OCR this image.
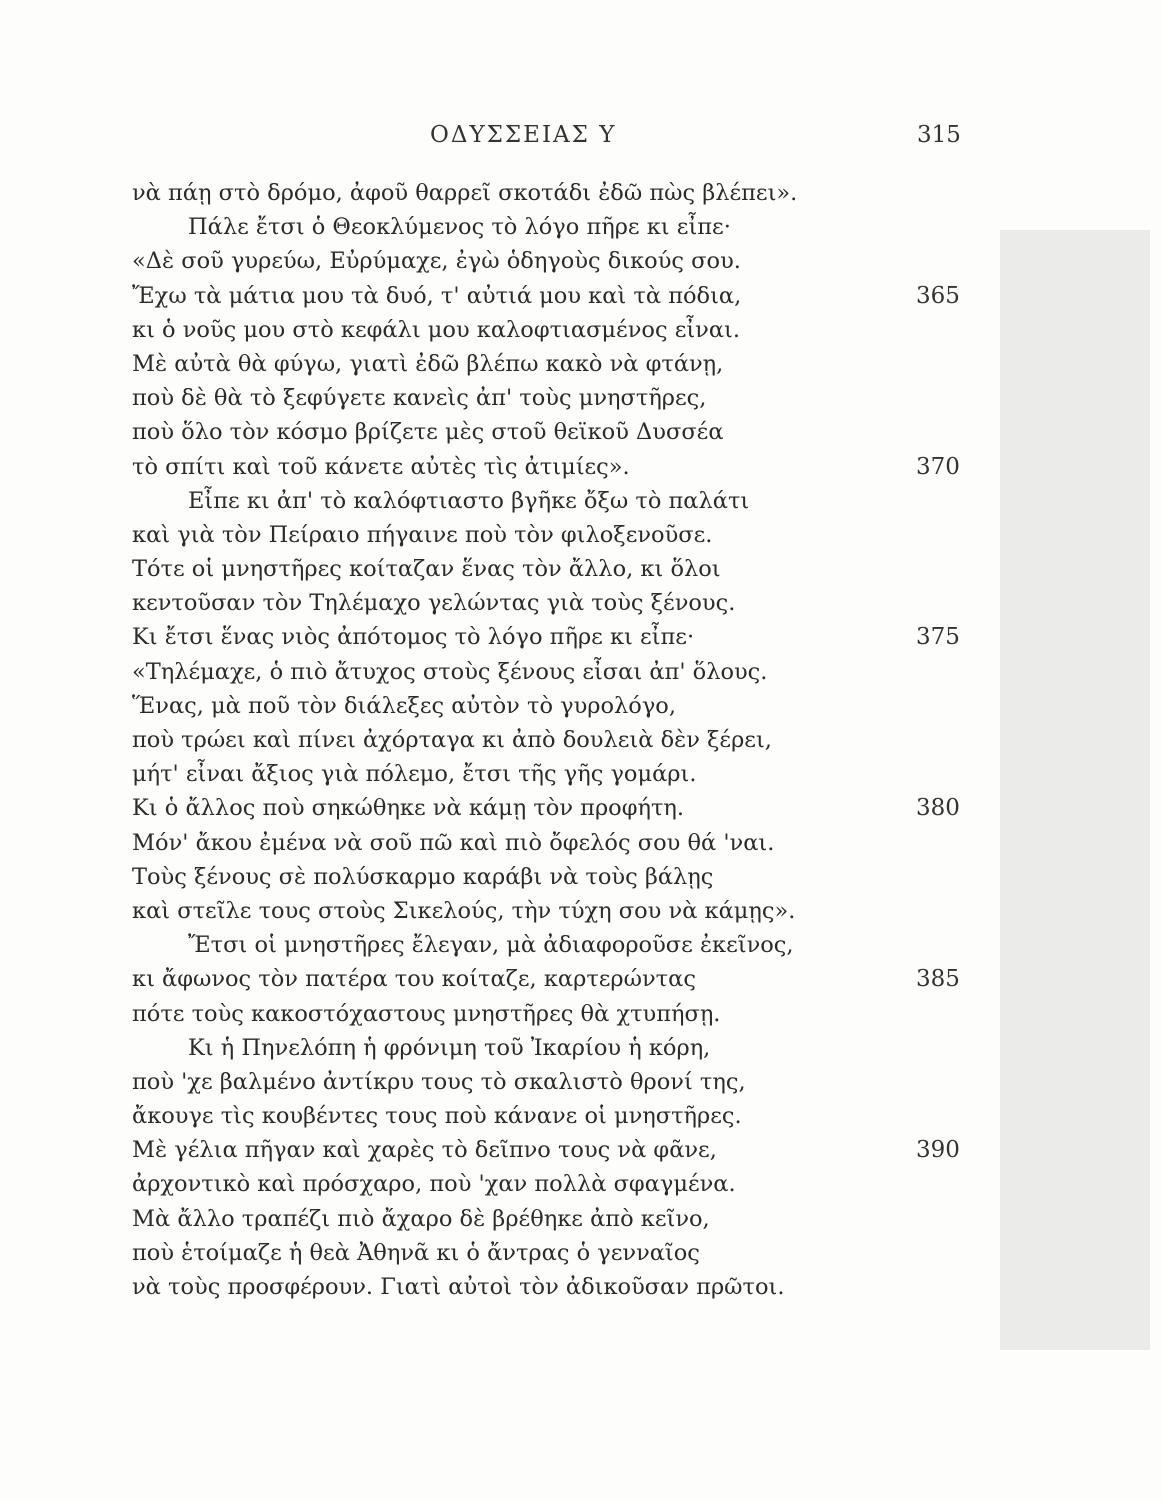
ΟΔΥΣΣΕΙΑΣ Υ	315
νὰ πάῃ στὸ δρόμο, ἀφοῦ θαρρεῖ σκοτάδι ἐδῶ πὼς βλέπει».
Πάλε ἔτσι ὁ Θεοκλύμενος τὸ λόγο πῆρε κι εἶπε·
«Δὲ σοῦ γυρεύω, Εὐρύμαχε, ἐγὼ ὁδηγοὺς δικούς σου.
Ἔχω τὰ μάτια μου τὰ δυό, τ' αὐτιά μου καὶ τὰ πόδια,	365
κι ὁ νοῦς μου στὸ κεφάλι μου καλοφτιασμένος εἶναι.
Μὲ αὐτὰ θὰ φύγω, γιατὶ ἐδῶ βλέπω κακὸ νὰ φτάνῃ,
ποὺ δὲ θὰ τὸ ξεφύγετε κανεὶς ἀπ' τοὺς μνηστῆρες,
ποὺ ὅλο τὸν κόσμο βρίζετε μὲς στοῦ θεϊκοῦ Δυσσέα
τὸ σπίτι καὶ τοῦ κάνετε αὐτὲς τὶς ἀτιμίες».	370
Εἶπε κι ἀπ' τὸ καλόφτιαστο βγῆκε ὄξω τὸ παλάτι
καὶ γιὰ τὸν Πείραιο πήγαινε ποὺ τὸν φιλοξενοῦσε.
Τότε οἱ μνηστῆρες κοίταζαν ἕνας τὸν ἄλλο, κι ὅλοι
κεντοῦσαν τὸν Τηλέμαχο γελώντας γιὰ τοὺς ξένους.
Κι ἔτσι ἕνας νιὸς ἀπότομος τὸ λόγο πῆρε κι εἶπε·	375
«Τηλέμαχε, ὁ πιὸ ἄτυχος στοὺς ξένους εἶσαι ἀπ' ὅλους.
Ἕνας, μὰ ποῦ τὸν διάλεξες αὐτὸν τὸ γυρολόγο,
ποὺ τρώει καὶ πίνει ἀχόρταγα κι ἀπὸ δουλειὰ δὲν ξέρει,
μήτ' εἶναι ἄξιος γιὰ πόλεμο, ἔτσι τῆς γῆς γομάρι.
Κι ὁ ἄλλος ποὺ σηκώθηκε νὰ κάμῃ τὸν προφήτη.	380
Μόν' ἄκου ἐμένα νὰ σοῦ πῶ καὶ πιὸ ὄφελός σου θά 'ναι.
Τοὺς ξένους σὲ πολύσκαρμο καράβι νὰ τοὺς βάλῃς
καὶ στεῖλε τους στοὺς Σικελούς, τὴν τύχη σου νὰ κάμῃς».
Ἔτσι οἱ μνηστῆρες ἔλεγαν, μὰ ἀδιαφοροῦσε ἐκεῖνος,
κι ἄφωνος τὸν πατέρα του κοίταζε, καρτερώντας	385
πότε τοὺς κακοστόχαστους μνηστῆρες θὰ χτυπήσῃ.
Κι ἡ Πηνελόπη ἡ φρόνιμη τοῦ Ἰκαρίου ἡ κόρη,
ποὺ 'χε βαλμένο ἀντίκρυ τους τὸ σκαλιστὸ θρονί της,
ἄκουγε τὶς κουβέντες τους ποὺ κάνανε οἱ μνηστῆρες.
Μὲ γέλια πῆγαν καὶ χαρὲς τὸ δεῖπνο τους νὰ φᾶνε,	390
ἀρχοντικὸ καὶ πρόσχαρο, ποὺ 'χαν πολλὰ σφαγμένα.
Μὰ ἄλλο τραπέζι πιὸ ἄχαρο δὲ βρέθηκε ἀπὸ κεῖνο,
ποὺ ἑτοίμαζε ἡ θεὰ Ἀθηνᾶ κι ὁ ἄντρας ὁ γενναῖος
νὰ τοὺς προσφέρουν. Γιατὶ αὐτοὶ τὸν ἀδικοῦσαν πρῶτοι.
